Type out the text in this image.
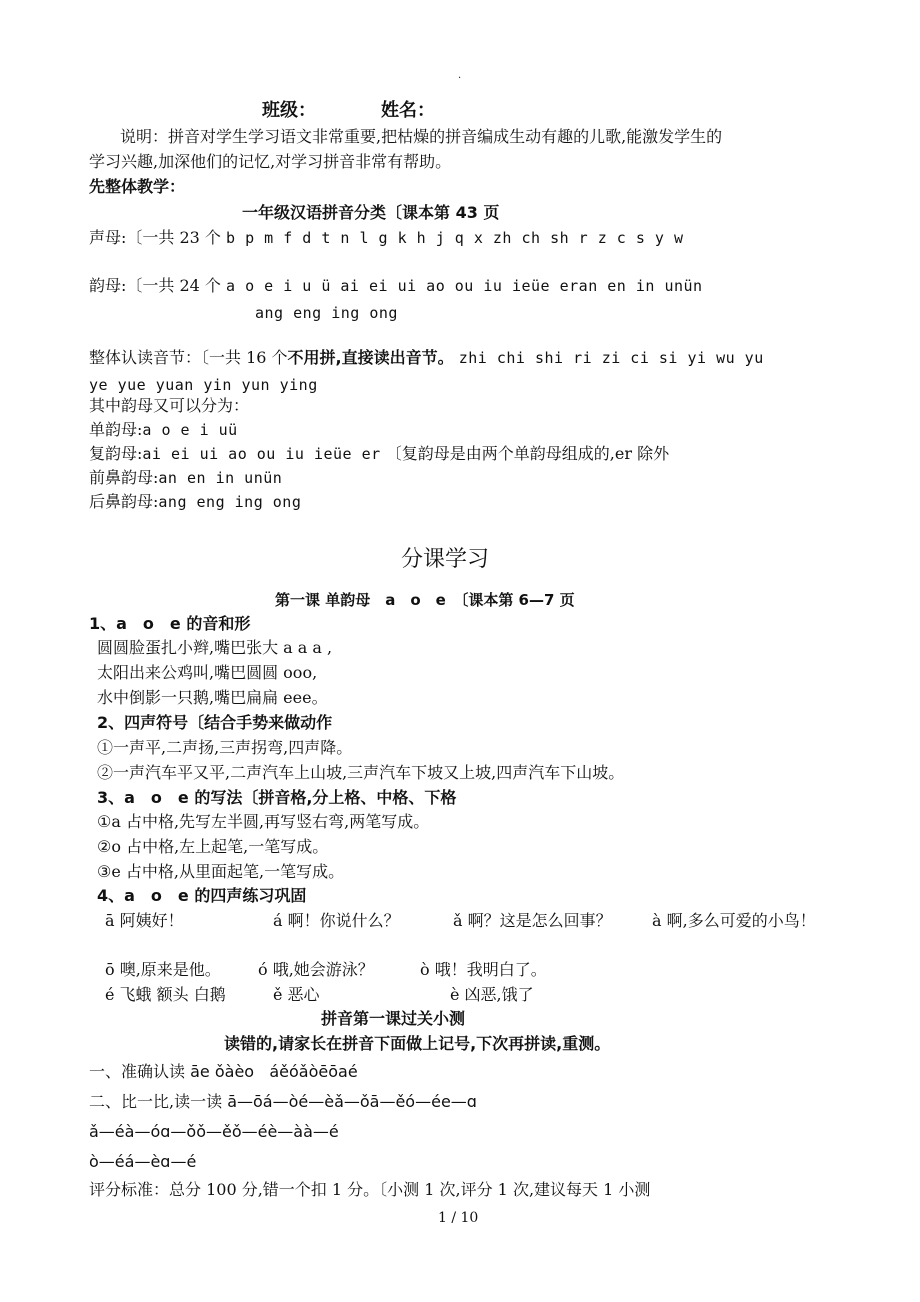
.
班级：	姓名：
说明：拼音对学生学习语文非常重要,把枯燥的拼音编成生动有趣的儿歌,能激发学生的
学习兴趣,加深他们的记忆,对学习拼音非常有帮助。
先整体教学：
一年级汉语拼音分类〔课本第 43 页
声母:〔一共 23 个 b p m f d t n l g k h j q x zh ch sh r z c s y w
韵母:〔一共 24 个 a o e i u ü ai ei ui ao ou iu ieüe eran en in unün
ang eng ing ong
整体认读音节：〔一共 16 个不用拼,直接读出音节。 zhi chi shi ri zi ci si yi wu yu
ye yue yuan yin yun ying
其中韵母又可以分为：
单韵母:a o e i uü
复韵母:ai ei ui ao ou iu ieüe er 〔复韵母是由两个单韵母组成的,er 除外
前鼻韵母:an en in unün
后鼻韵母:ang eng ing ong
分课学习
第一课 单韵母　a　o　e　〔课本第 6—7 页
1、a　o　e 的音和形
圆圆脸蛋扎小辫,嘴巴张大 a a a ,
太阳出来公鸡叫,嘴巴圆圆 ooo,
水中倒影一只鹅,嘴巴扁扁 eee。
2、四声符号〔结合手势来做动作
①一声平,二声扬,三声拐弯,四声降。
②一声汽车平又平,二声汽车上山坡,三声汽车下坡又上坡,四声汽车下山坡。
3、a　o　e 的写法〔拼音格,分上格、中格、下格
①a 占中格,先写左半圆,再写竖右弯,两笔写成。
②o 占中格,左上起笔,一笔写成。
③e 占中格,从里面起笔,一笔写成。
4、a　o　e 的四声练习巩固
ā 阿姨好！	á 啊！你说什么？	ǎ 啊？这是怎么回事？	à 啊,多么可爱的小鸟！
ō 噢,原来是他。 ó 哦,她会游泳？	ò 哦！我明白了。
é 飞蛾 额头 白鹅	ě 恶心	è 凶恶,饿了
拼音第一课过关小测
读错的,请家长在拼音下面做上记号,下次再拼读,重测。
一、准确认读 āe ǒàèo áěóǎòēōaé
二、比一比,读一读 ā—ōá—òé—èǎ—ǒā—ěó—ée—ɑ
ǎ—éà—óɑ—ǒǒ—ěǒ—éè—àà—é
ò—éá—èɑ—é
评分标准：总分 100 分,错一个扣 1 分。〔小测 1 次,评分 1 次,建议每天 1 小测
1 / 10
